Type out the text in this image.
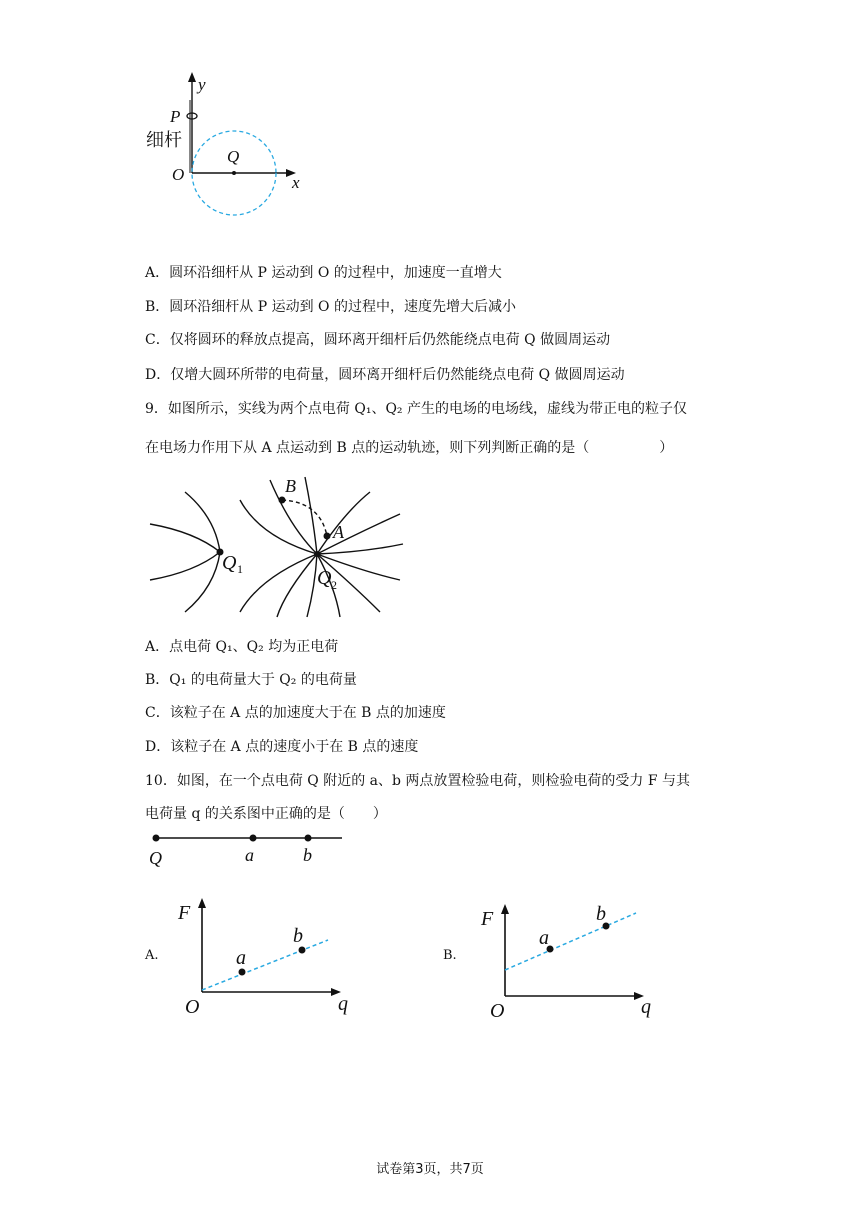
y
P
细杆
Q
O	x
A．圆环沿细杆从 P 运动到 O 的过程中，加速度一直增大
B．圆环沿细杆从 P 运动到 O 的过程中，速度先增大后减小
C．仅将圆环的释放点提高，圆环离开细杆后仍然能绕点电荷 Q 做圆周运动
D．仅增大圆环所带的电荷量，圆环离开细杆后仍然能绕点电荷 Q 做圆周运动
9．如图所示，实线为两个点电荷 Q₁、Q₂ 产生的电场的电场线，虚线为带正电的粒子仅
在电场力作用下从 A 点运动到 B 点的运动轨迹，则下列判断正确的是（　　　　　）
B
A
Q 1	Q 2
A．点电荷 Q₁、Q₂ 均为正电荷
B．Q₁ 的电荷量大于 Q₂ 的电荷量
C．该粒子在 A 点的加速度大于在 B 点的加速度
D．该粒子在 A 点的速度小于在 B 点的速度
10．如图，在一个点电荷 Q 附近的 a、b 两点放置检验电荷，则检验电荷的受力 F 与其
电荷量 q 的关系图中正确的是（　　）
Q	a	b
A.
F
O	q
a
b
B.
F
O	q
a
b
试卷第3页，共7页
